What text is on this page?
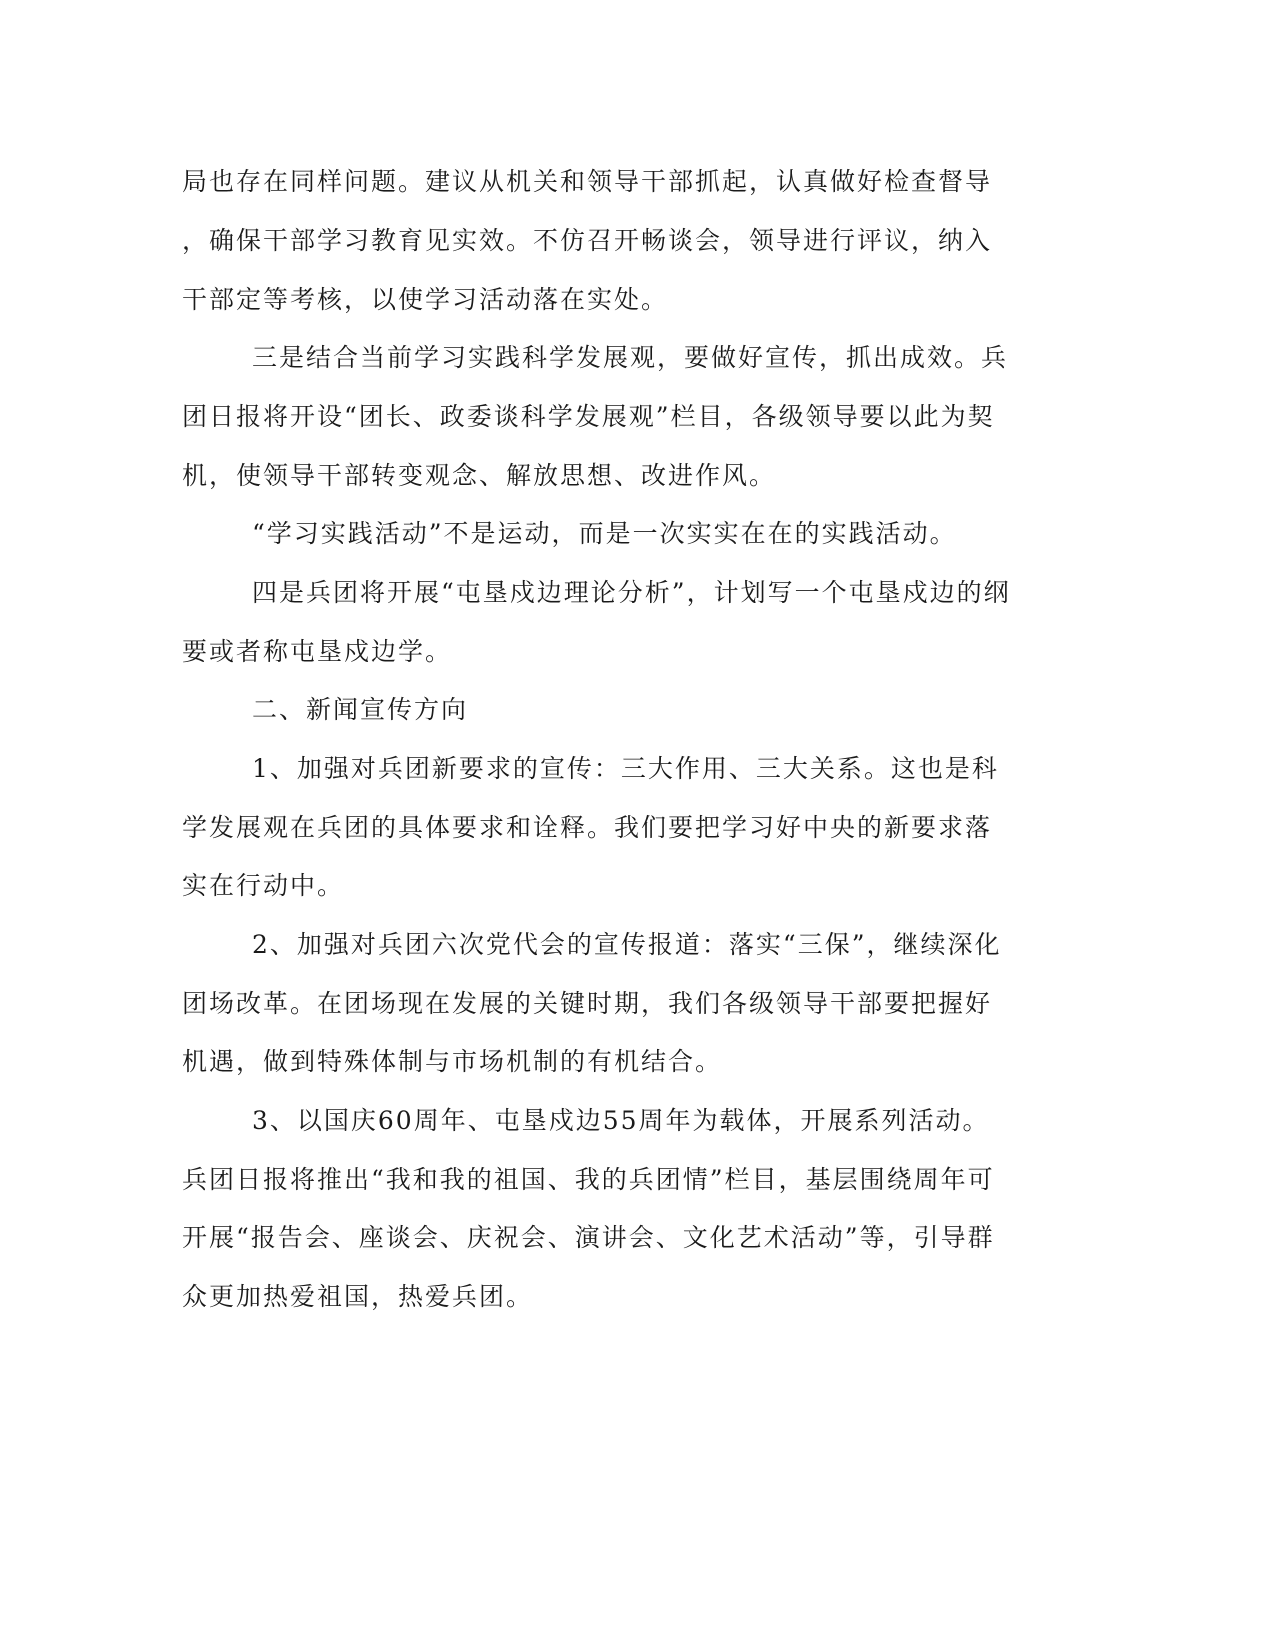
局也存在同样问题。建议从机关和领导干部抓起，认真做好检查督导

，确保干部学习教育见实效。不仿召开畅谈会，领导进行评议，纳入

干部定等考核，以使学习活动落在实处。

三是结合当前学习实践科学发展观，要做好宣传，抓出成效。兵

团日报将开设“团长、政委谈科学发展观”栏目，各级领导要以此为契

机，使领导干部转变观念、解放思想、改进作风。

“学习实践活动”不是运动，而是一次实实在在的实践活动。

四是兵团将开展“屯垦戍边理论分析”，计划写一个屯垦戍边的纲

要或者称屯垦戍边学。

二、新闻宣传方向

1、加强对兵团新要求的宣传：三大作用、三大关系。这也是科

学发展观在兵团的具体要求和诠释。我们要把学习好中央的新要求落

实在行动中。

2、加强对兵团六次党代会的宣传报道：落实“三保”，继续深化

团场改革。在团场现在发展的关键时期，我们各级领导干部要把握好

机遇，做到特殊体制与市场机制的有机结合。

3、以国庆60周年、屯垦戍边55周年为载体，开展系列活动。

兵团日报将推出“我和我的祖国、我的兵团情”栏目，基层围绕周年可

开展“报告会、座谈会、庆祝会、演讲会、文化艺术活动”等，引导群

众更加热爱祖国，热爱兵团。
